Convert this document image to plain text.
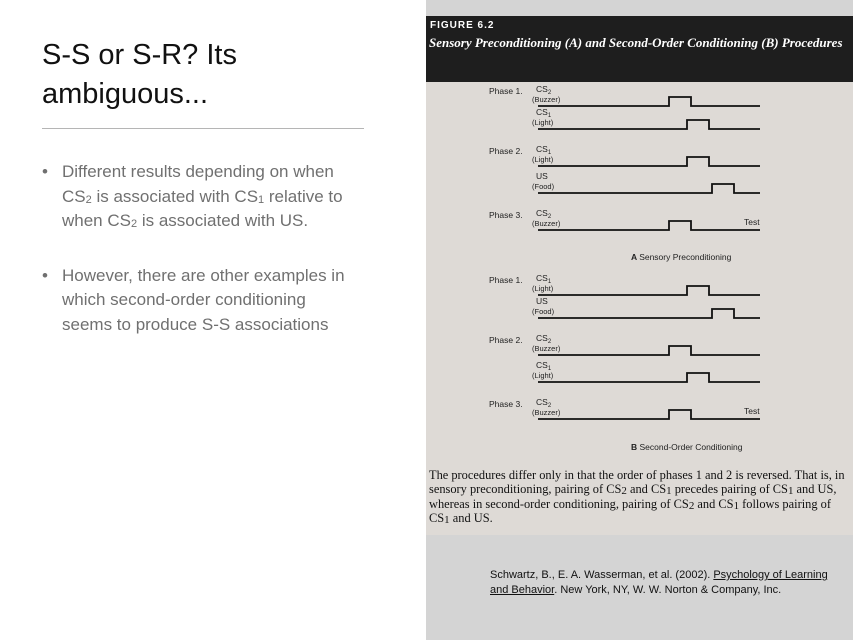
S-S or S-R? Its ambiguous...
• Different results depending on when $CS_2$ is associated with $CS_1$ relative to when $CS_2$ is associated with US.
• However, there are other examples in which second-order conditioning seems to produce S-S associations
FIGURE 6.2
Sensory Preconditioning (A) and Second-Order Conditioning (B) Procedures
Phase 1. $CS_2$
(Buzzer)
$CS_1$
(Light)
Phase 2. $CS_1$
(Light)
US
(Food)
Phase 3. $CS_2$
(Buzzer)	Test
A Sensory Preconditioning
Phase 1. $CS_1$
(Light)
US
(Food)
Phase 2. $CS_2$
(Buzzer)
$CS_1$
(Light)
Phase 3. $CS_2$
(Buzzer)	Test
B Second-Order Conditioning
The procedures differ only in that the order of phases 1 and 2 is reversed. That is, in sensory preconditioning, pairing of $CS_2$ and $CS_1$ precedes pairing of $CS_1$ and US, whereas in second-order conditioning, pairing of $CS_2$ and $CS_1$ follows pairing of $CS_1$ and US.
Schwartz, B., E. A. Wasserman, et al. (2002). Psychology of Learning and Behavior. New York, NY, W. W. Norton & Company, Inc.
